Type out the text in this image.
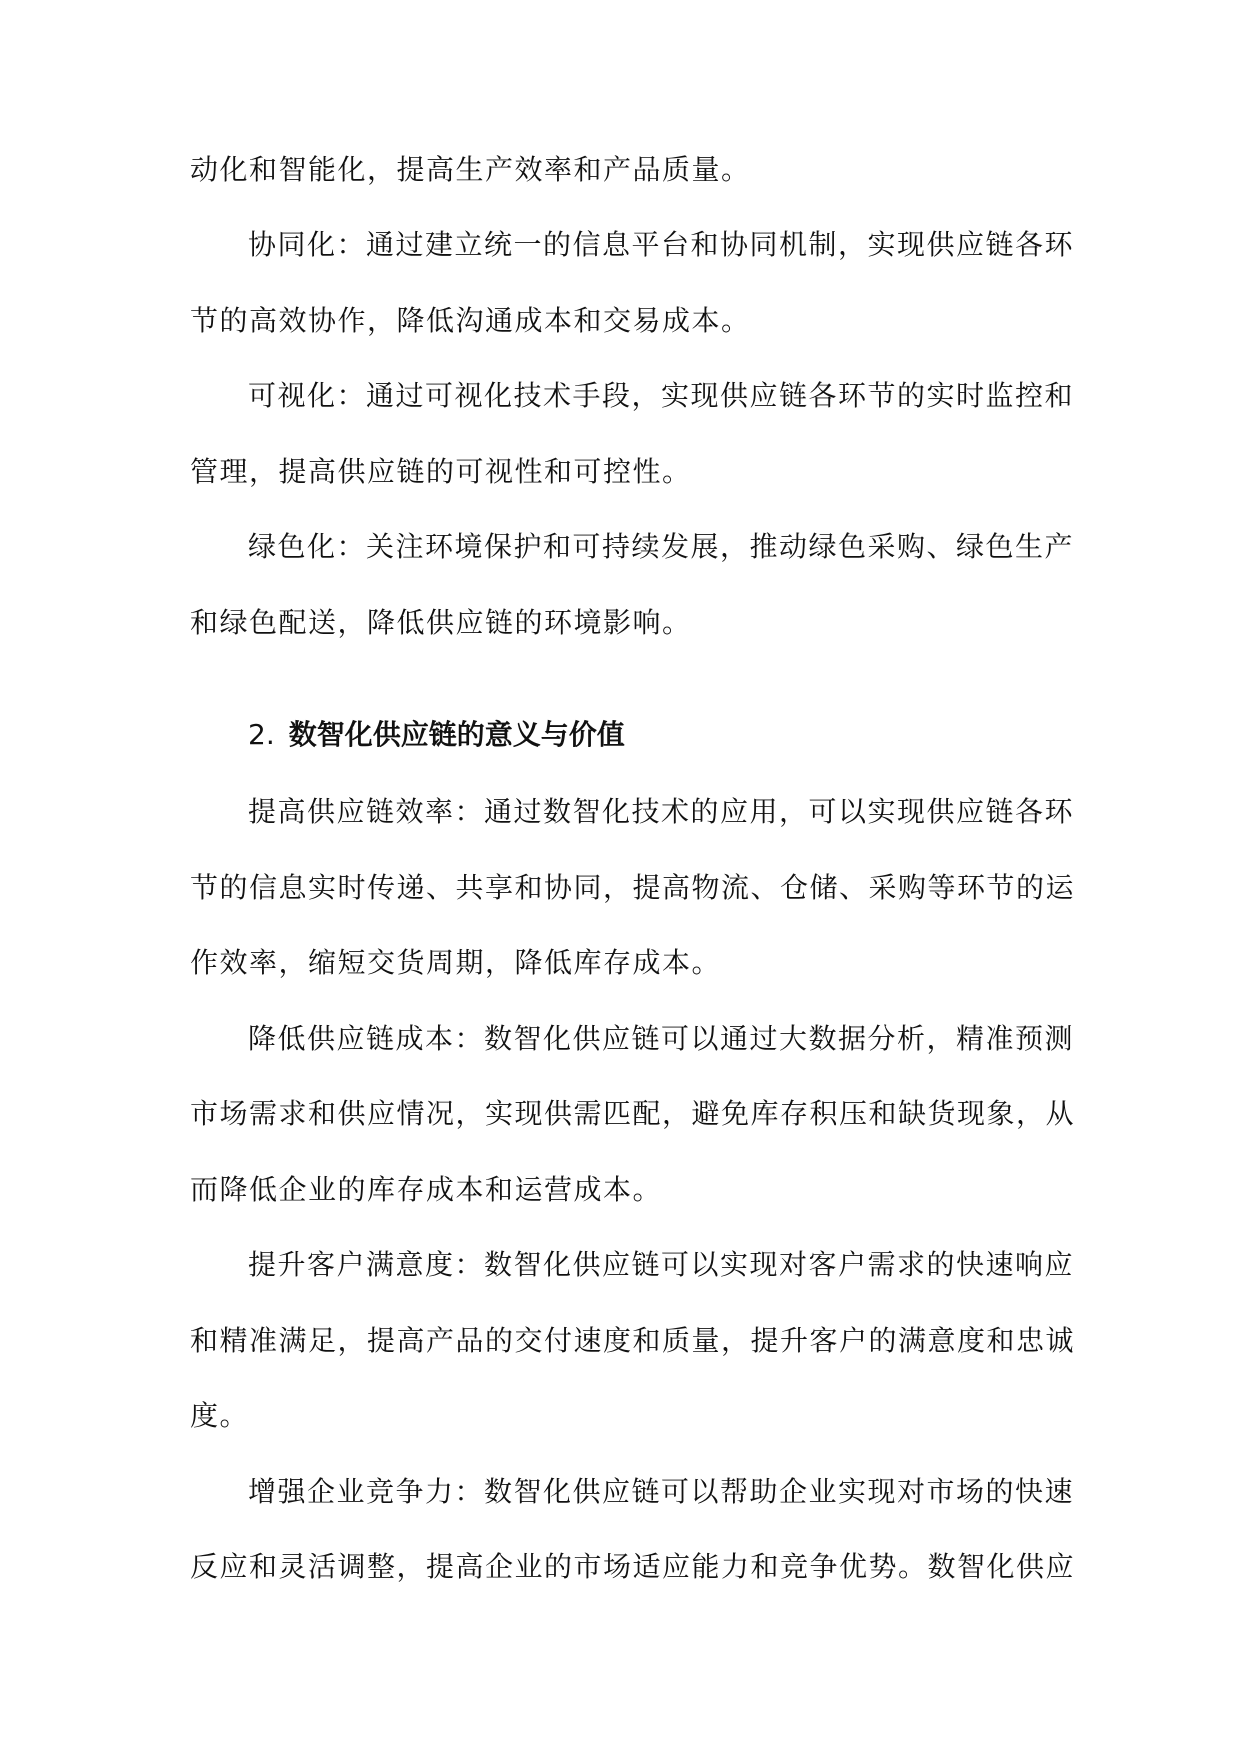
动化和智能化，提高生产效率和产品质量。
协同化：通过建立统一的信息平台和协同机制，实现供应链各环
节的高效协作，降低沟通成本和交易成本。
可视化：通过可视化技术手段，实现供应链各环节的实时监控和
管理，提高供应链的可视性和可控性。
绿色化：关注环境保护和可持续发展，推动绿色采购、绿色生产
和绿色配送，降低供应链的环境影响。
2. 数智化供应链的意义与价值
提高供应链效率：通过数智化技术的应用，可以实现供应链各环
节的信息实时传递、共享和协同，提高物流、仓储、采购等环节的运
作效率，缩短交货周期，降低库存成本。
降低供应链成本：数智化供应链可以通过大数据分析，精准预测
市场需求和供应情况，实现供需匹配，避免库存积压和缺货现象，从
而降低企业的库存成本和运营成本。
提升客户满意度：数智化供应链可以实现对客户需求的快速响应
和精准满足，提高产品的交付速度和质量，提升客户的满意度和忠诚
度。
增强企业竞争力：数智化供应链可以帮助企业实现对市场的快速
反应和灵活调整，提高企业的市场适应能力和竞争优势。数智化供应
